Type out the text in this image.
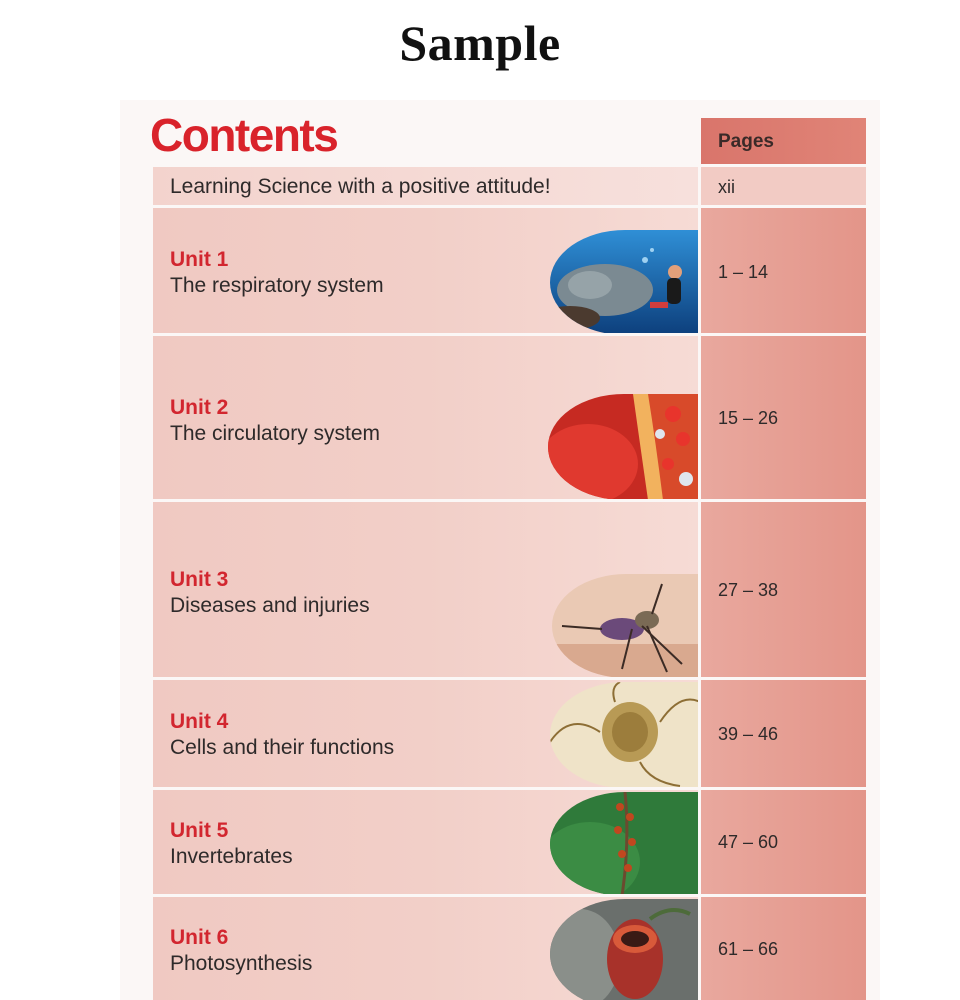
Sample
Contents	Pages
Learning Science with a positive attitude!	xii
Unit 1
The respiratory system
1 – 14
Unit 2
The circulatory system
15 – 26
Unit 3
Diseases and injuries
27 – 38
Unit 4
Cells and their functions
39 – 46
Unit 5
Invertebrates
47 – 60
Unit 6
Photosynthesis
61 – 66
